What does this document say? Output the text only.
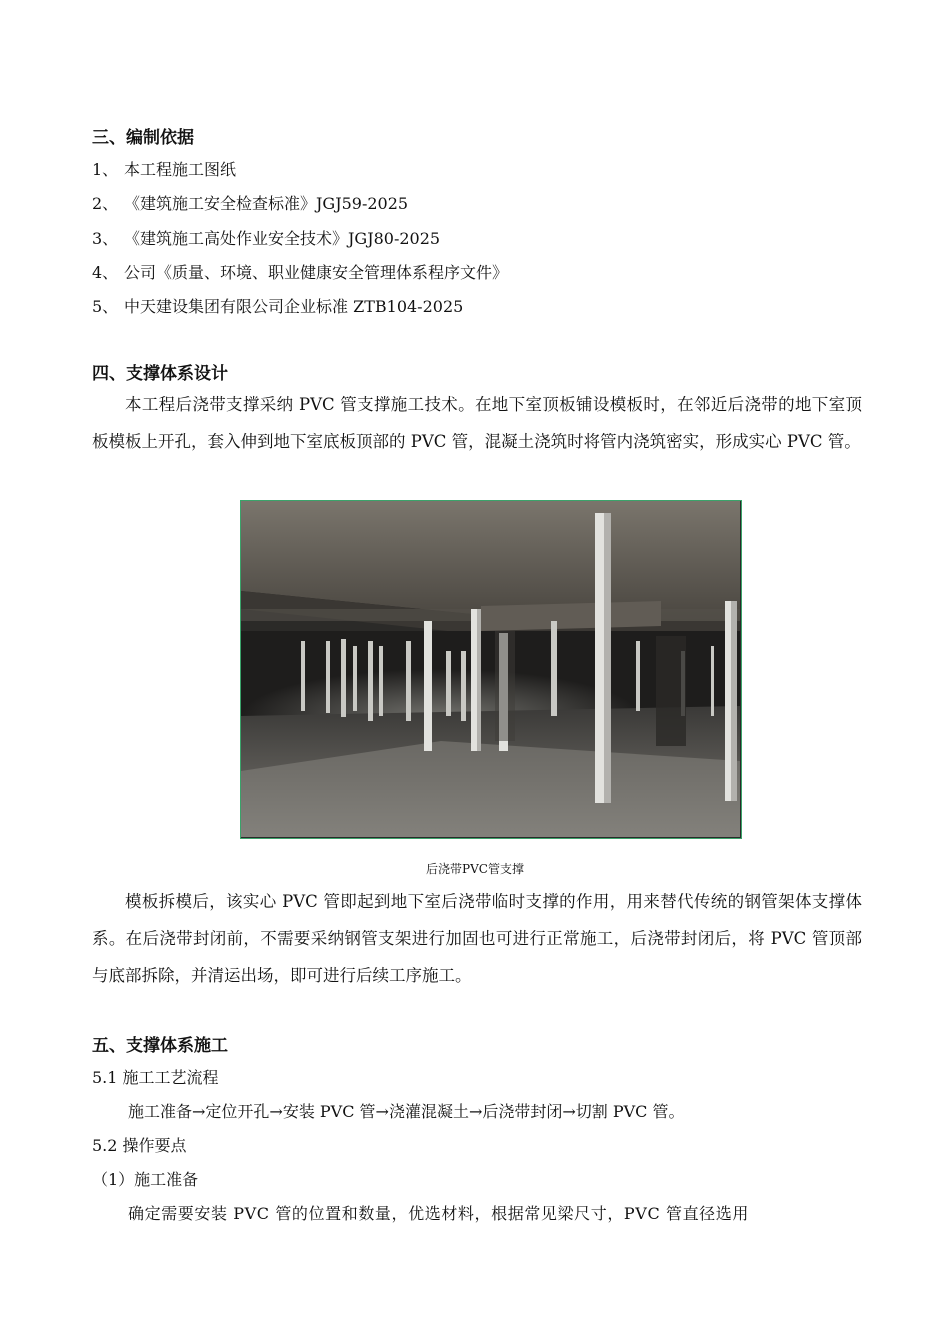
三、编制依据
1、 本工程施工图纸
2、 《建筑施工安全检查标准》JGJ59-2025
3、 《建筑施工高处作业安全技术》JGJ80-2025
4、 公司《质量、环境、职业健康安全管理体系程序文件》
5、 中天建设集团有限公司企业标准 ZTB104-2025
四、支撑体系设计

本工程后浇带支撑采纳 PVC 管支撑施工技术。在地下室顶板铺设模板时，在邻近后浇带的地下室顶板模板上开孔，套入伸到地下室底板顶部的 PVC 管，混凝土浇筑时将管内浇筑密实，形成实心 PVC 管。

后浇带PVC管支撑

模板拆模后，该实心 PVC 管即起到地下室后浇带临时支撑的作用，用来替代传统的钢管架体支撑体系。在后浇带封闭前，不需要采纳钢管支架进行加固也可进行正常施工，后浇带封闭后，将 PVC 管顶部与底部拆除，并清运出场，即可进行后续工序施工。

五、支撑体系施工
5.1 施工工艺流程
施工准备→定位开孔→安装 PVC 管→浇灌混凝土→后浇带封闭→切割 PVC 管。
5.2 操作要点
（1）施工准备
确定需要安装 PVC 管的位置和数量，优选材料，根据常见梁尺寸，PVC 管直径选用
